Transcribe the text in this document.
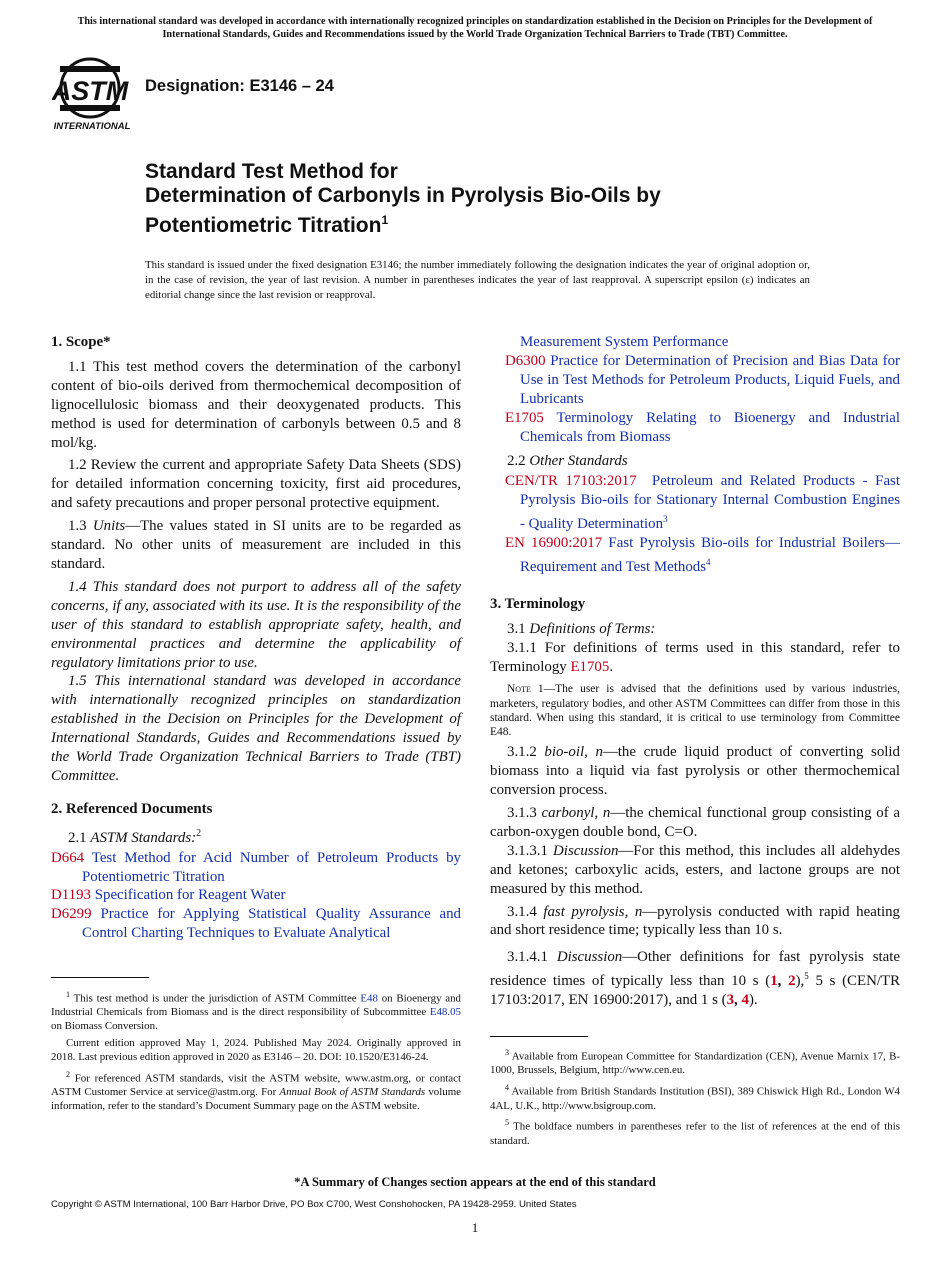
This international standard was developed in accordance with internationally recognized principles on standardization established in the Decision on Principles for the Development of International Standards, Guides and Recommendations issued by the World Trade Organization Technical Barriers to Trade (TBT) Committee.
ASTM
INTERNATIONAL
Designation: E3146 – 24
Standard Test Method for
Determination of Carbonyls in Pyrolysis Bio-Oils by
Potentiometric Titration$^1$
This standard is issued under the fixed designation E3146; the number immediately following the designation indicates the year of original adoption or, in the case of revision, the year of last revision. A number in parentheses indicates the year of last reapproval. A superscript epsilon (ε) indicates an editorial change since the last revision or reapproval.
1. Scope*

1.1 This test method covers the determination of the carbonyl content of bio-oils derived from thermochemical decomposition of lignocellulosic biomass and their deoxygenated products. This method is used for determination of carbonyls between 0.5 and 8 mol/kg.

1.2 Review the current and appropriate Safety Data Sheets (SDS) for detailed information concerning toxicity, first aid procedures, and safety precautions and proper personal protective equipment.

1.3 Units—The values stated in SI units are to be regarded as standard. No other units of measurement are included in this standard.

1.4 This standard does not purport to address all of the safety concerns, if any, associated with its use. It is the responsibility of the user of this standard to establish appropriate safety, health, and environmental practices and determine the applicability of regulatory limitations prior to use.

1.5 This international standard was developed in accordance with internationally recognized principles on standardization established in the Decision on Principles for the Development of International Standards, Guides and Recommendations issued by the World Trade Organization Technical Barriers to Trade (TBT) Committee.

2. Referenced Documents
2.1 ASTM Standards:$^2$
D664 Test Method for Acid Number of Petroleum Products by Potentiometric Titration
D1193 Specification for Reagent Water
D6299 Practice for Applying Statistical Quality Assurance and Control Charting Techniques to Evaluate Analytical

$^1$ This test method is under the jurisdiction of ASTM Committee E48 on Bioenergy and Industrial Chemicals from Biomass and is the direct responsibility of Subcommittee E48.05 on Biomass Conversion.

Current edition approved May 1, 2024. Published May 2024. Originally approved in 2018. Last previous edition approved in 2020 as E3146 – 20. DOI: 10.1520/E3146-24.

$^2$ For referenced ASTM standards, visit the ASTM website, www.astm.org, or contact ASTM Customer Service at service@astm.org. For Annual Book of ASTM Standards volume information, refer to the standard’s Document Summary page on the ASTM website.

Measurement System Performance
D6300 Practice for Determination of Precision and Bias Data for Use in Test Methods for Petroleum Products, Liquid Fuels, and Lubricants
E1705 Terminology Relating to Bioenergy and Industrial Chemicals from Biomass
2.2 Other Standards
CEN/TR 17103:2017 Petroleum and Related Products - Fast Pyrolysis Bio-oils for Stationary Internal Combustion Engines - Quality Determination$^3$
EN 16900:2017 Fast Pyrolysis Bio-oils for Industrial Boilers—Requirement and Test Methods$^4$
3. Terminology

3.1 Definitions of Terms:

3.1.1 For definitions of terms used in this standard, refer to Terminology E1705.

Note 1—The user is advised that the definitions used by various industries, marketers, regulatory bodies, and other ASTM Committees can differ from those in this standard. When using this standard, it is critical to use terminology from Committee E48.

3.1.2 bio-oil, n—the crude liquid product of converting solid biomass into a liquid via fast pyrolysis or other thermochemical conversion process.

3.1.3 carbonyl, n—the chemical functional group consisting of a carbon-oxygen double bond, C=O.

3.1.3.1 Discussion—For this method, this includes all aldehydes and ketones; carboxylic acids, esters, and lactone groups are not measured by this method.

3.1.4 fast pyrolysis, n—pyrolysis conducted with rapid heating and short residence time; typically less than 10 s.

3.1.4.1 Discussion—Other definitions for fast pyrolysis state residence times of typically less than 10 s (1, 2),$^5$ 5 s (CEN/TR 17103:2017, EN 16900:2017), and 1 s (3, 4).

$^3$ Available from European Committee for Standardization (CEN), Avenue Marnix 17, B-1000, Brussels, Belgium, http://www.cen.eu.

$^4$ Available from British Standards Institution (BSI), 389 Chiswick High Rd., London W4 4AL, U.K., http://www.bsigroup.com.

$^5$ The boldface numbers in parentheses refer to the list of references at the end of this standard.

*A Summary of Changes section appears at the end of this standard
Copyright © ASTM International, 100 Barr Harbor Drive, PO Box C700, West Conshohocken, PA 19428-2959. United States
1
